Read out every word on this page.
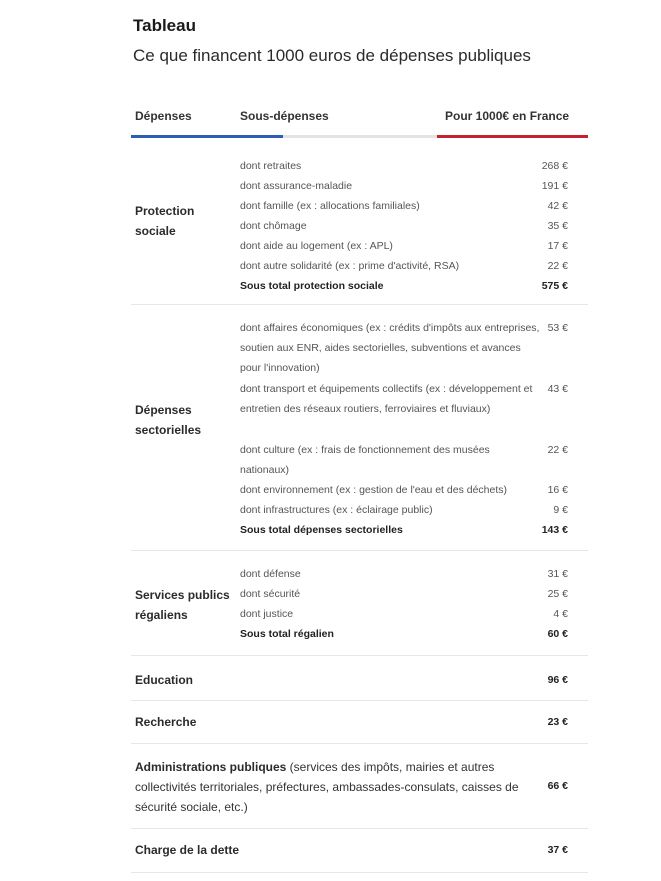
Tableau
Ce que financent 1000 euros de dépenses publiques
Dépenses	Sous-dépenses	Pour 1000€ en France
Protection sociale
dont retraites	268 €
dont assurance-maladie	191 €
dont famille (ex : allocations familiales)	42 €
dont chômage	35 €
dont aide au logement (ex : APL)	17 €
dont autre solidarité (ex : prime d'activité, RSA)	22 €
Sous total protection sociale	575 €
Dépenses sectorielles
dont affaires économiques (ex : crédits d'impôts aux entreprises, soutien aux ENR, aides sectorielles, subventions et avances pour l'innovation)
53 €
dont transport et équipements collectifs (ex : développement et entretien des réseaux routiers, ferroviaires et fluviaux)
43 €
dont culture (ex : frais de fonctionnement des musées nationaux)
22 €
dont environnement (ex : gestion de l'eau et des déchets)	16 €
dont infrastructures (ex : éclairage public)	9 €
Sous total dépenses sectorielles	143 €
Services publics régaliens
dont défense	31 €
dont sécurité	25 €
dont justice	4 €
Sous total régalien	60 €
Education	96 €
Recherche	23 €
Administrations publiques (services des impôts, mairies et autres collectivités territoriales, préfectures, ambassades-consulats, caisses de sécurité sociale, etc.)
66 €
Charge de la dette	37 €
